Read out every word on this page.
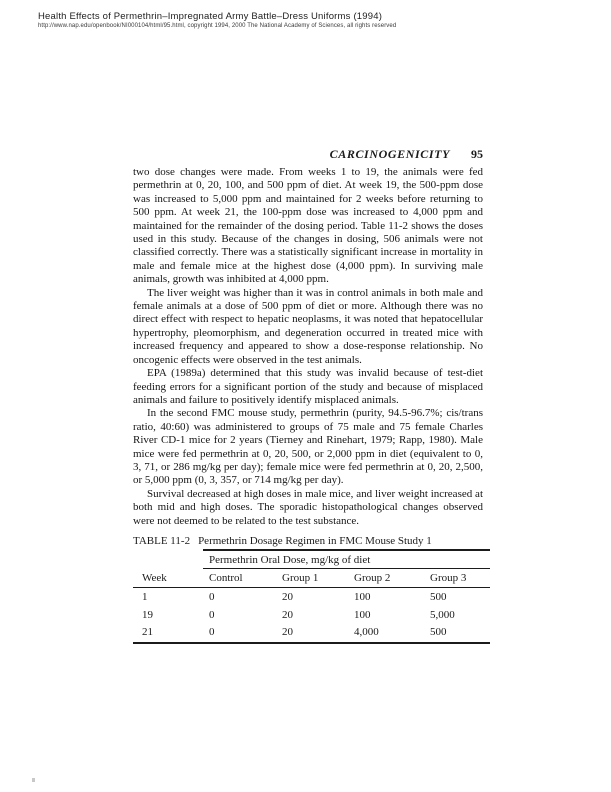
Health Effects of Permethrin–Impregnated Army Battle–Dress Uniforms (1994)
http://www.nap.edu/openbook/NI000104/html/95.html, copyright 1994, 2000 The National Academy of Sciences, all rights reserved
CARCINOGENICITY 95

two dose changes were made. From weeks 1 to 19, the animals were fed permethrin at 0, 20, 100, and 500 ppm of diet. At week 19, the 500-ppm dose was increased to 5,000 ppm and maintained for 2 weeks before returning to 500 ppm. At week 21, the 100-ppm dose was increased to 4,000 ppm and maintained for the remainder of the dosing period. Table 11-2 shows the doses used in this study. Because of the changes in dosing, 506 animals were not classified correctly. There was a statistically significant increase in mortality in male and female mice at the highest dose (4,000 ppm). In surviving male animals, growth was inhibited at 4,000 ppm.

The liver weight was higher than it was in control animals in both male and female animals at a dose of 500 ppm of diet or more. Although there was no direct effect with respect to hepatic neoplasms, it was noted that hepatocellular hypertrophy, pleomorphism, and degeneration occurred in treated mice with increased frequency and appeared to show a dose-response relationship. No oncogenic effects were observed in the test animals.

EPA (1989a) determined that this study was invalid because of test-diet feeding errors for a significant portion of the study and because of misplaced animals and failure to positively identify misplaced animals.

In the second FMC mouse study, permethrin (purity, 94.5-96.7%; cis/trans ratio, 40:60) was administered to groups of 75 male and 75 female Charles River CD-1 mice for 2 years (Tierney and Rinehart, 1979; Rapp, 1980). Male mice were fed permethrin at 0, 20, 500, or 2,000 ppm in diet (equivalent to 0, 3, 71, or 286 mg/kg per day); female mice were fed permethrin at 0, 20, 2,500, or 5,000 ppm (0, 3, 357, or 714 mg/kg per day).

Survival decreased at high doses in male mice, and liver weight increased at both mid and high doses. The sporadic histopathological changes observed were not deemed to be related to the test substance.

TABLE 11-2 Permethrin Dosage Regimen in FMC Mouse Study 1
	Permethrin Oral Dose, mg/kg of diet			
Week	Control	Group 1	Group 2	Group 3
1	0	20	100	500
19	0	20	100	5,000
21	0	20	4,000	500
